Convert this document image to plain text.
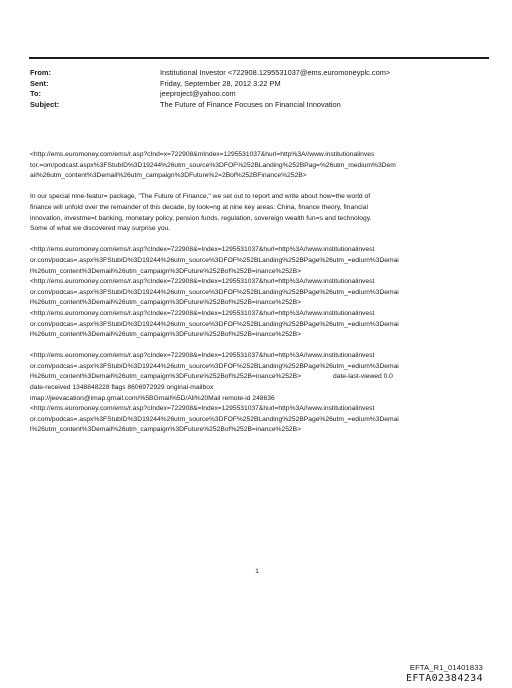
From:	Institutional Investor <722908.1295531037@ems.euromoneyplc.com>
Sent:	Friday, September 28, 2012 3:22 PM
To:	jeeproject@yahoo.com
Subject:	The Future of Finance Focuses on Financial Innovation
<http://ems.euromoney.com/ems/r.asp?cInd=x=722908&mIndex=1295531037&hurl=http%3A//www.institutionalinves
tor.=om/podcast.aspx%3FStubID%3D19244%26utm_source%3DFOF%252BLanding%252BPag=%26utm_medium%3Dem
ail%26utm_content%3Demail%26utm_campaign%3DFuture%2=2Bof%252BFinance%252B>
In our special nine-featur= package, "The Future of Finance," we set out to report and write about how=the world of
finance will unfold over the remainder of this decade, by look=ng at nine key areas: China, finance theory, financial
innovation, investme=t banking, monetary policy, pension funds, regulation, sovereign wealth fun=s and technology.
Some of what we discovered may surprise you.
<http://ems.euromoney.com/ems/r.asp?cIndex=722908&=Index=1295531037&hurl=http%3A//www.institutionalinvest
or.com/podcas=.aspx%3FStubID%3D19244%26utm_source%3DFOF%252BLanding%252BPage%26utm_=edium%3Demai
l%26utm_content%3Demail%26utm_campaign%3DFuture%252Bof%252B=inance%252B>
<http://ems.euromoney.com/ems/r.asp?cIndex=722908&=Index=1295531037&hurl=http%3A//www.institutionalinvest
or.com/podcas=.aspx%3FStubID%3D19244%26utm_source%3DFOF%252BLanding%252BPage%26utm_=edium%3Demai
l%26utm_content%3Demail%26utm_campaign%3DFuture%252Bof%252B=inance%252B>
<http://ems.euromoney.com/ems/r.asp?cIndex=722908&=Index=1295531037&hurl=http%3A//www.institutionalinvest
or.com/podcas=.aspx%3FStubID%3D19244%26utm_source%3DFOF%252BLanding%252BPage%26utm_=edium%3Demai
l%26utm_content%3Demail%26utm_campaign%3DFuture%252Bof%252B=inance%252B>
<http://ems.euromoney.com/ems/r.asp?cIndex=722908&=Index=1295531037&hurl=http%3A//www.institutionalinvest
or.com/podcas=.aspx%3FStubID%3D19244%26utm_source%3DFOF%252BLanding%252BPage%26utm_=edium%3Demai
l%26utm_content%3Demail%26utm_campaign%3DFuture%252Bof%252B=inance%252B>	date-last-viewed 0.0
date-received 1348848228 flags 8606972929 original-mailbox
imap://jeevacation@imap.gmail.com/%5BGmail%5D/All%20Mail remote-id 248636
<http://ems.euromoney.com/ems/r.asp?cIndex=722908&=Index=1295531037&hurl=http%3A//www.institutionalinvest
or.com/podcas=.aspx%3FStubID%3D19244%26utm_source%3DFOF%252BLanding%252BPage%26utm_=edium%3Demai
l%26utm_content%3Demail%26utm_campaign%3DFuture%252Bof%252B=inance%252B>
1
EFTA_R1_01401833
EFTA02384234
